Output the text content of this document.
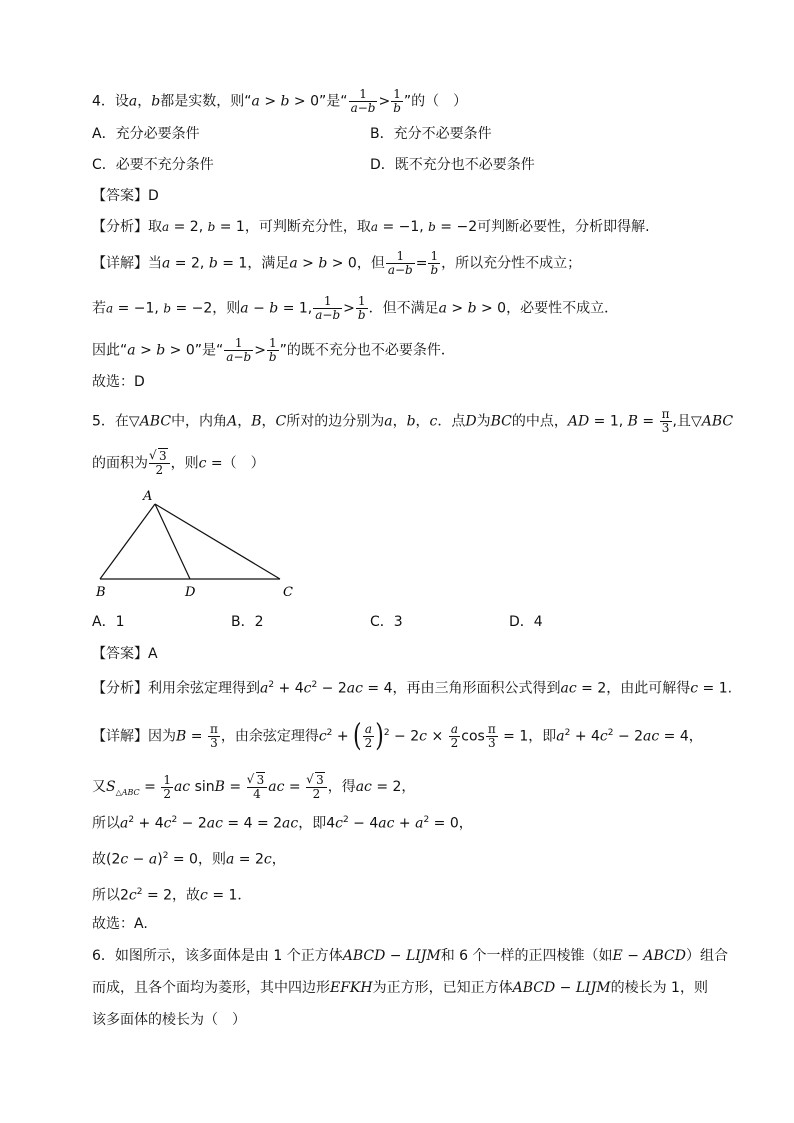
4．设a，b都是实数，则“a > b > 0”是“ $\frac{1}{a-b} > \frac{1}{b}$ ”的（　）
A．充分必要条件	B．充分不必要条件
C．必要不充分条件	D．既不充分也不必要条件
【答案】D
【分析】取a = 2, b = 1，可判断充分性，取a = −1, b = −2可判断必要性，分析即得解.
【详解】当a = 2, b = 1，满足a > b > 0，但 $\frac{1}{a-b} = \frac{1}{b}$ ，所以充分性不成立；
若a = −1, b = −2，则a − b = 1, $\frac{1}{a-b} > \frac{1}{b}$ ．但不满足a > b > 0，必要性不成立．
因此“a > b > 0”是“ $\frac{1}{a-b} > \frac{1}{b}$ ”的既不充分也不必要条件．
故选：D
5．在▽ABC中，内角A，B，C所对的边分别为a，b，c．点D为BC的中点，AD = 1, $B = \frac{\pi}{3}$ ,且▽ABC
的面积为 √ $\frac{3}{2}$ ，则c =（　）
A
B	D	C
A．1	B．2	C．3	D．4
【答案】A
【分析】利用余弦定理得到$a^2 + 4c^2 - 2ac = 4$，再由三角形面积公式得到ac = 2，由此可解得c = 1.
【详解】因为$B = \frac{\pi}{3}$ ，由余弦定理得$c^2$ + ( $\frac{a}{2} )^2 - 2c \times \frac{a}{2}$ $\cos \frac{\pi}{3} = 1$，即$a^2 + 4c^2 - 2ac = 4$，
又$S_{\triangle ABC} = \frac{1}{2}$ ac sinB = √ $\frac{3}{4}$ ac = √ $\frac{3}{2}$ ，得ac = 2，
所以$a^2 + 4c^2 - 2ac = 4 = 2ac$，即$4c^2 - 4ac + a^2 = 0$，
故$(2c - a)^2 = 0$，则a = 2c，
所以$2c^2 = 2$，故c = 1．
故选：A.
6．如图所示，该多面体是由 1 个正方体ABCD − LIJM和 6 个一样的正四棱锥（如E − ABCD）组合
而成，且各个面均为菱形，其中四边形EFKH为正方形，已知正方体ABCD − LIJM的棱长为 1，则
该多面体的棱长为（　）
